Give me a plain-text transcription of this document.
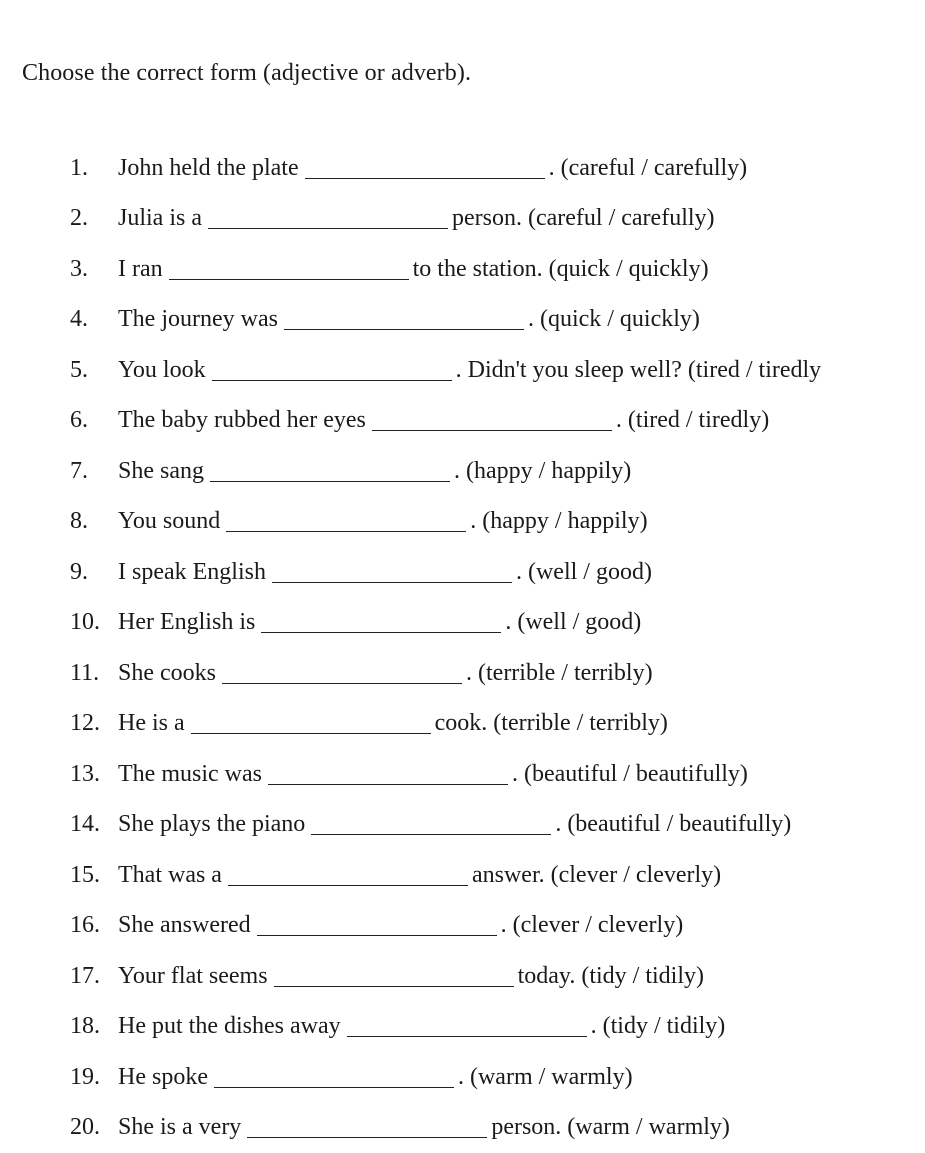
Choose the correct form (adjective or adverb).
1.	John held the plate	. (careful / carefully)
2.	Julia is a	person. (careful / carefully)
3.	I ran	to the station. (quick / quickly)
4.	The journey was	. (quick / quickly)
5.	You look	. Didn't you sleep well? (tired / tiredly
6.	The baby rubbed her eyes	. (tired / tiredly)
7.	She sang	. (happy / happily)
8.	You sound	. (happy / happily)
9.	I speak English	. (well / good)
10. Her English is	. (well / good)
11. She cooks	. (terrible / terribly)
12. He is a	cook. (terrible / terribly)
13. The music was	. (beautiful / beautifully)
14. She plays the piano	. (beautiful / beautifully)
15. That was a	answer. (clever / cleverly)
16. She answered	. (clever / cleverly)
17. Your flat seems	today. (tidy / tidily)
18. He put the dishes away	. (tidy / tidily)
19. He spoke	. (warm / warmly)
20. She is a very	person. (warm / warmly)
